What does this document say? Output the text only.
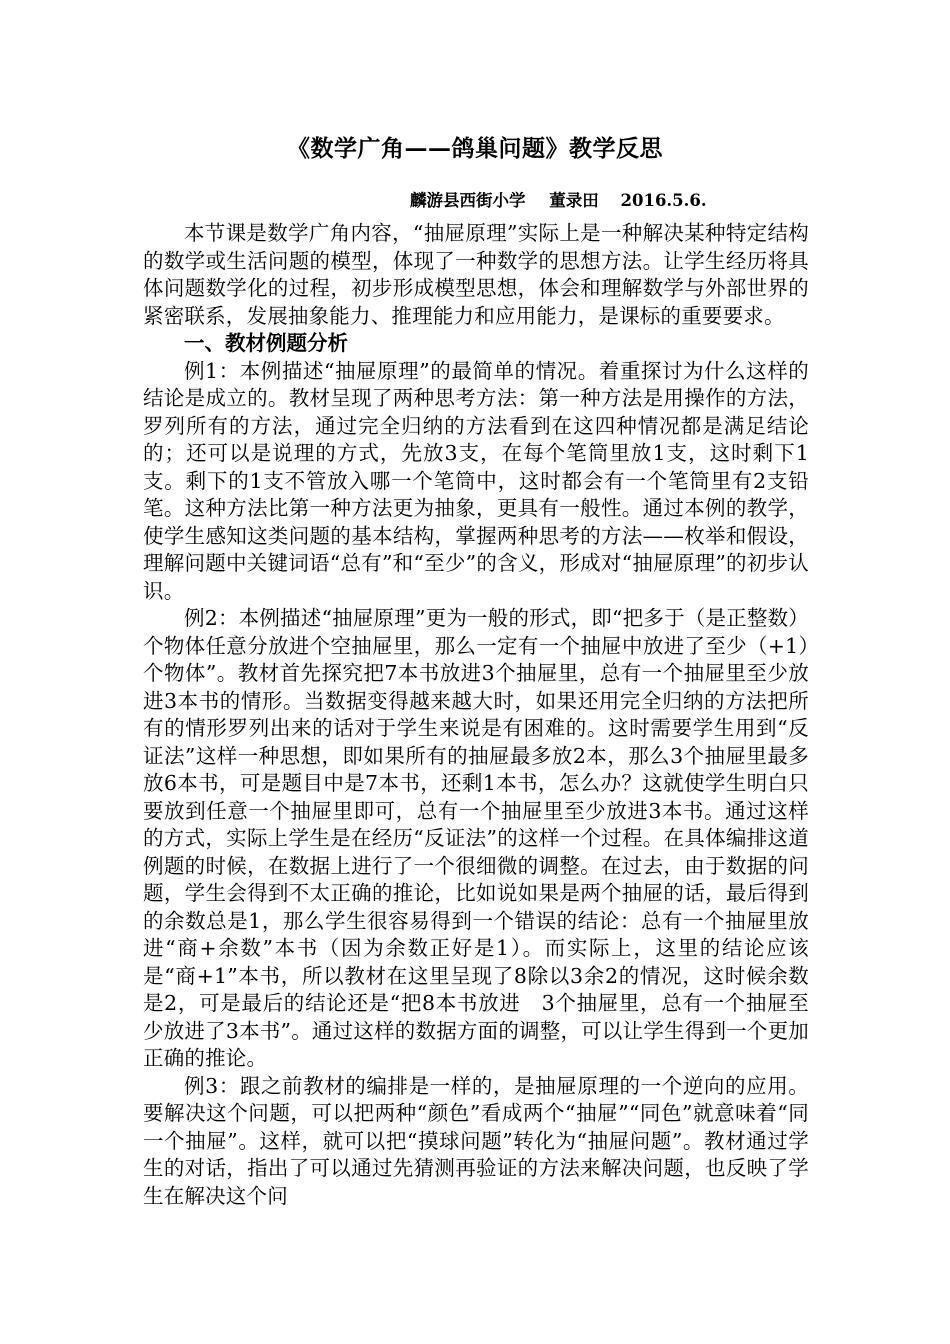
《数学广角——鸽巢问题》教学反思
麟游县西街小学 董录田 2016.5.6.

本节课是数学广角内容，“抽屉原理”实际上是一种解决某种特定结构的数学或生活问题的模型，体现了一种数学的思想方法。让学生经历将具体问题数学化的过程，初步形成模型思想，体会和理解数学与外部世界的紧密联系，发展抽象能力、推理能力和应用能力，是课标的重要要求。

一、教材例题分析

例1：本例描述“抽屉原理”的最简单的情况。着重探讨为什么这样的结论是成立的。教材呈现了两种思考方法：第一种方法是用操作的方法，罗列所有的方法，通过完全归纳的方法看到在这四种情况都是满足结论的；还可以是说理的方式，先放3支，在每个笔筒里放1支，这时剩下1支。剩下的1支不管放入哪一个笔筒中，这时都会有一个笔筒里有2支铅笔。这种方法比第一种方法更为抽象，更具有一般性。通过本例的教学，使学生感知这类问题的基本结构，掌握两种思考的方法——枚举和假设，理解问题中关键词语“总有”和“至少”的含义，形成对“抽屉原理”的初步认识。

例2：本例描述“抽屉原理”更为一般的形式，即“把多于（是正整数）个物体任意分放进个空抽屉里，那么一定有一个抽屉中放进了至少（+1）个物体”。教材首先探究把7本书放进3个抽屉里，总有一个抽屉里至少放进3本书的情形。当数据变得越来越大时，如果还用完全归纳的方法把所有的情形罗列出来的话对于学生来说是有困难的。这时需要学生用到“反证法”这样一种思想，即如果所有的抽屉最多放2本，那么3个抽屉里最多放6本书，可是题目中是7本书，还剩1本书，怎么办？这就使学生明白只要放到任意一个抽屉里即可，总有一个抽屉里至少放进3本书。通过这样的方式，实际上学生是在经历“反证法”的这样一个过程。在具体编排这道例题的时候，在数据上进行了一个很细微的调整。在过去，由于数据的问题，学生会得到不太正确的推论，比如说如果是两个抽屉的话，最后得到的余数总是1，那么学生很容易得到一个错误的结论：总有一个抽屉里放进“商+余数”本书（因为余数正好是1）。而实际上，这里的结论应该是“商+1”本书，所以教材在这里呈现了8除以3余2的情况，这时候余数是2，可是最后的结论还是“把8本书放进　3个抽屉里，总有一个抽屉至少放进了3本书”。通过这样的数据方面的调整，可以让学生得到一个更加正确的推论。

例3：跟之前教材的编排是一样的，是抽屉原理的一个逆向的应用。要解决这个问题，可以把两种“颜色”看成两个“抽屉”“同色”就意味着“同一个抽屉”。这样，就可以把“摸球问题”转化为“抽屉问题”。教材通过学生的对话，指出了可以通过先猜测再验证的方法来解决问题，也反映了学生在解决这个问
